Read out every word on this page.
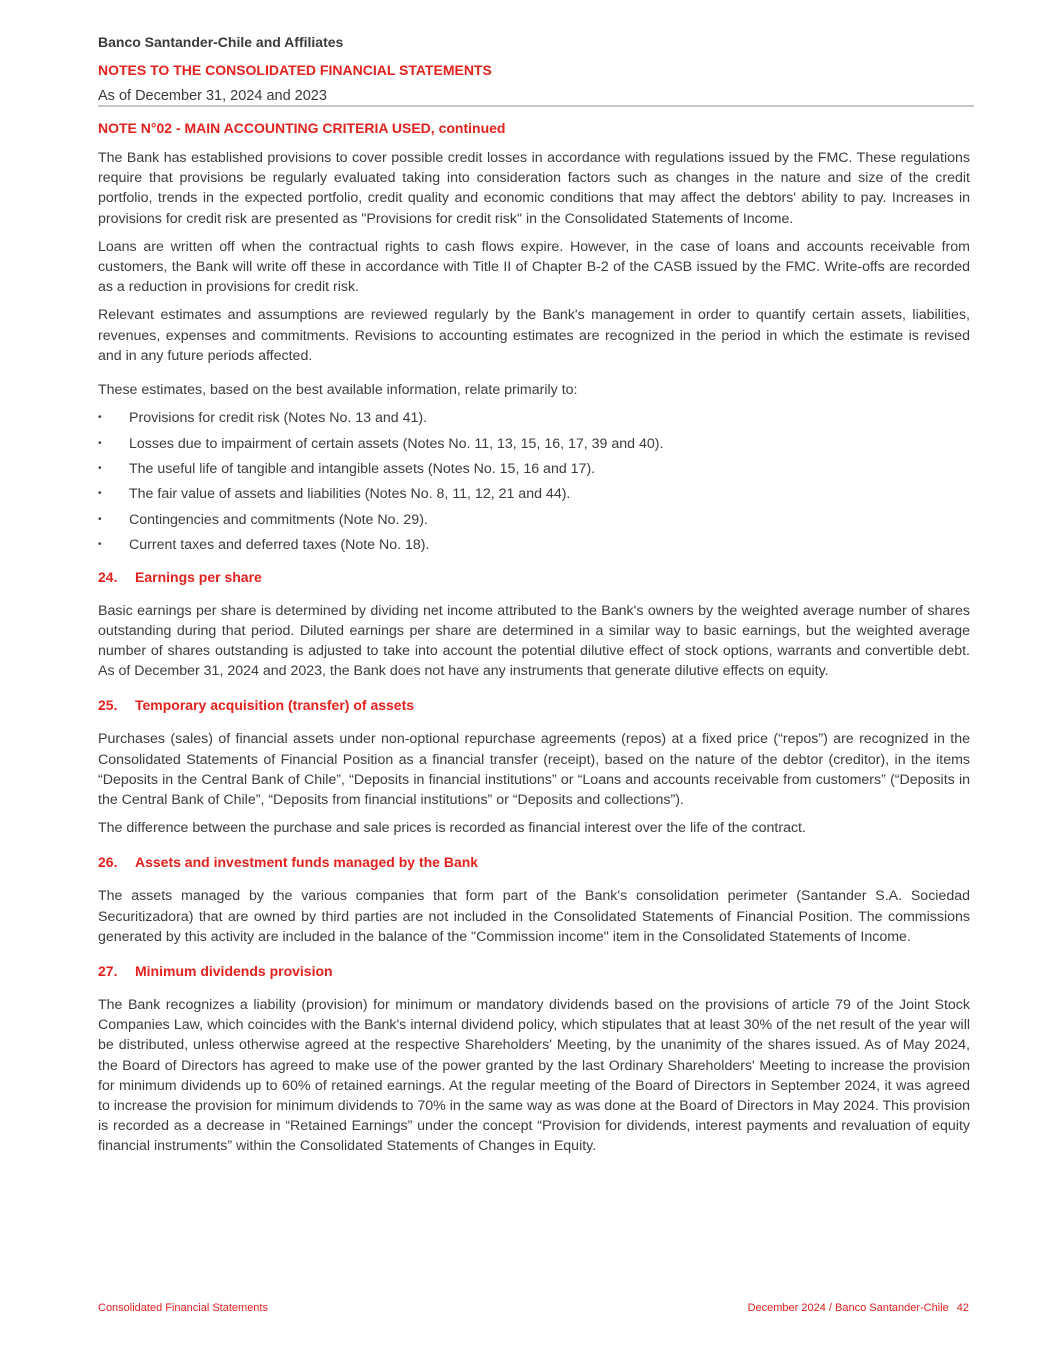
Banco Santander-Chile and Affiliates
NOTES TO THE CONSOLIDATED FINANCIAL STATEMENTS
As of December 31, 2024 and 2023
NOTE N°02 - MAIN ACCOUNTING CRITERIA USED, continued

The Bank has established provisions to cover possible credit losses in accordance with regulations issued by the FMC. These regulations require that provisions be regularly evaluated taking into consideration factors such as changes in the nature and size of the credit portfolio, trends in the expected portfolio, credit quality and economic conditions that may affect the debtors' ability to pay. Increases in provisions for credit risk are presented as "Provisions for credit risk" in the Consolidated Statements of Income.

Loans are written off when the contractual rights to cash flows expire. However, in the case of loans and accounts receivable from customers, the Bank will write off these in accordance with Title II of Chapter B-2 of the CASB issued by the FMC. Write-offs are recorded as a reduction in provisions for credit risk.

Relevant estimates and assumptions are reviewed regularly by the Bank's management in order to quantify certain assets, liabilities, revenues, expenses and commitments. Revisions to accounting estimates are recognized in the period in which the estimate is revised and in any future periods affected.

These estimates, based on the best available information, relate primarily to:

•	Provisions for credit risk (Notes No. 13 and 41).
•	Losses due to impairment of certain assets (Notes No. 11, 13, 15, 16, 17, 39 and 40).
•	The useful life of tangible and intangible assets (Notes No. 15, 16 and 17).
•	The fair value of assets and liabilities (Notes No. 8, 11, 12, 21 and 44).
•	Contingencies and commitments (Note No. 29).
•	Current taxes and deferred taxes (Note No. 18).
24.	Earnings per share

Basic earnings per share is determined by dividing net income attributed to the Bank's owners by the weighted average number of shares outstanding during that period. Diluted earnings per share are determined in a similar way to basic earnings, but the weighted average number of shares outstanding is adjusted to take into account the potential dilutive effect of stock options, warrants and convertible debt. As of December 31, 2024 and 2023, the Bank does not have any instruments that generate dilutive effects on equity.

25.	Temporary acquisition (transfer) of assets

Purchases (sales) of financial assets under non-optional repurchase agreements (repos) at a fixed price (“repos”) are recognized in the Consolidated Statements of Financial Position as a financial transfer (receipt), based on the nature of the debtor (creditor), in the items “Deposits in the Central Bank of Chile”, “Deposits in financial institutions” or “Loans and accounts receivable from customers” (“Deposits in the Central Bank of Chile”, “Deposits from financial institutions” or “Deposits and collections”).

The difference between the purchase and sale prices is recorded as financial interest over the life of the contract.

26.	Assets and investment funds managed by the Bank

The assets managed by the various companies that form part of the Bank's consolidation perimeter (Santander S.A. Sociedad Securitizadora) that are owned by third parties are not included in the Consolidated Statements of Financial Position. The commissions generated by this activity are included in the balance of the "Commission income" item in the Consolidated Statements of Income.

27.	Minimum dividends provision

The Bank recognizes a liability (provision) for minimum or mandatory dividends based on the provisions of article 79 of the Joint Stock Companies Law, which coincides with the Bank's internal dividend policy, which stipulates that at least 30% of the net result of the year will be distributed, unless otherwise agreed at the respective Shareholders' Meeting, by the unanimity of the shares issued. As of May 2024, the Board of Directors has agreed to make use of the power granted by the last Ordinary Shareholders' Meeting to increase the provision for minimum dividends up to 60% of retained earnings. At the regular meeting of the Board of Directors in September 2024, it was agreed to increase the provision for minimum dividends to 70% in the same way as was done at the Board of Directors in May 2024. This provision is recorded as a decrease in “Retained Earnings” under the concept “Provision for dividends, interest payments and revaluation of equity financial instruments” within the Consolidated Statements of Changes in Equity.

Consolidated Financial Statements	December 2024 / Banco Santander-Chile 42
